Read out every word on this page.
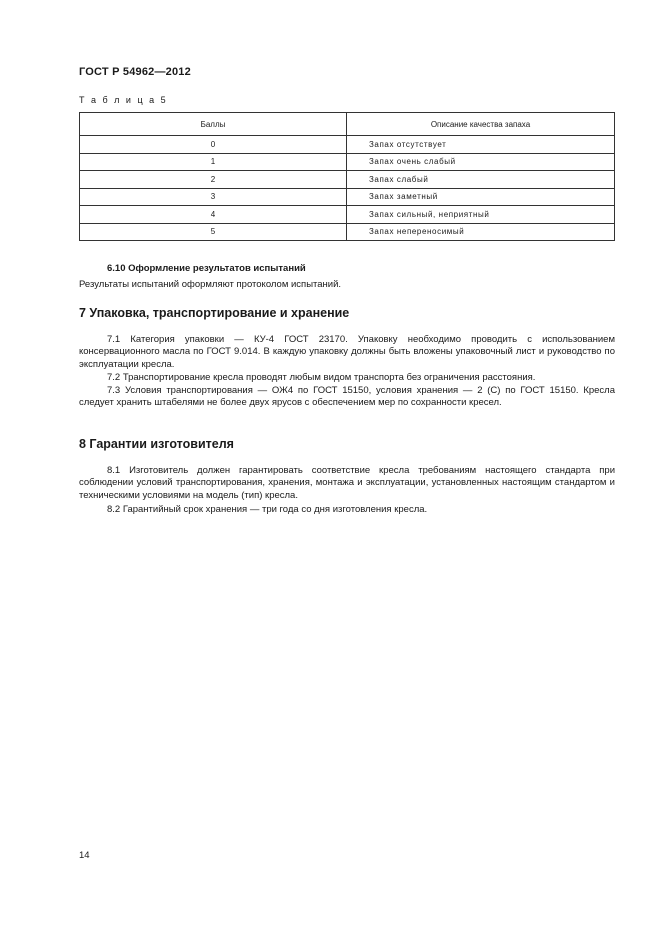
ГОСТ Р 54962—2012
Т а б л и ц а 5
Баллы	Описание качества запаха
0	Запах отсутствует
1	Запах очень слабый
2	Запах слабый
3	Запах заметный
4	Запах сильный, неприятный
5	Запах непереносимый
6.10 Оформление результатов испытаний

Результаты испытаний оформляют протоколом испытаний.

7 Упаковка, транспортирование и хранение

7.1 Категория упаковки — КУ-4 ГОСТ 23170. Упаковку необходимо проводить с использованием консервационного масла по ГОСТ 9.014. В каждую упаковку должны быть вложены упаковочный лист и руководство по эксплуатации кресла.

7.2 Транспортирование кресла проводят любым видом транспорта без ограничения расстояния.

7.3 Условия транспортирования — ОЖ4 по ГОСТ 15150, условия хранения — 2 (С) по ГОСТ 15150. Кресла следует хранить штабелями не более двух ярусов с обеспечением мер по сохранности кресел.

8 Гарантии изготовителя

8.1 Изготовитель должен гарантировать соответствие кресла требованиям настоящего стандарта при соблюдении условий транспортирования, хранения, монтажа и эксплуатации, установленных настоящим стандартом и техническими условиями на модель (тип) кресла.

8.2 Гарантийный срок хранения — три года со дня изготовления кресла.

14
